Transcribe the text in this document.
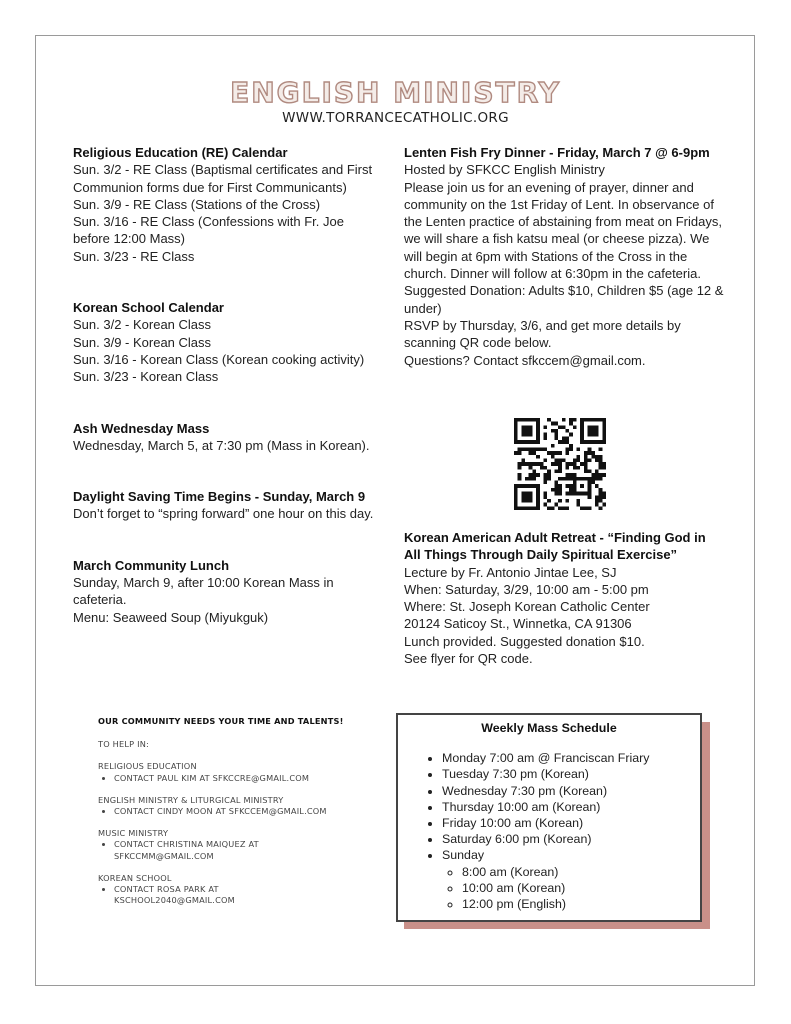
ENGLISH MINISTRY
WWW.TORRANCECATHOLIC.ORG
Religious Education (RE) Calendar

Sun. 3/2 - RE Class (Baptismal certificates and First Communion forms due for First Communicants)

Sun. 3/9 - RE Class (Stations of the Cross)

Sun. 3/16 - RE Class (Confessions with Fr. Joe before 12:00 Mass)

Sun. 3/23 - RE Class

Korean School Calendar

Sun. 3/2 - Korean Class

Sun. 3/9 - Korean Class

Sun. 3/16 - Korean Class (Korean cooking activity)

Sun. 3/23 - Korean Class

Ash Wednesday Mass

Wednesday, March 5, at 7:30 pm (Mass in Korean).

Daylight Saving Time Begins - Sunday, March 9

Don’t forget to “spring forward” one hour on this day.

March Community Lunch

Sunday, March 9, after 10:00 Korean Mass in cafeteria.

Menu: Seaweed Soup (Miyukguk)

Lenten Fish Fry Dinner - Friday, March 7 @ 6-9pm

Hosted by SFKCC English Ministry

Please join us for an evening of prayer, dinner and community on the 1st Friday of Lent. In observance of the Lenten practice of abstaining from meat on Fridays, we will share a fish katsu meal (or cheese pizza). We will begin at 6pm with Stations of the Cross in the church. Dinner will follow at 6:30pm in the cafeteria.

Suggested Donation: Adults $10, Children $5 (age 12 & under)

RSVP by Thursday, 3/6, and get more details by scanning QR code below.

Questions? Contact sfkccem@gmail.com.

Korean American Adult Retreat - “Finding God in All Things Through Daily Spiritual Exercise”

Lecture by Fr. Antonio Jintae Lee, SJ

When: Saturday, 3/29, 10:00 am - 5:00 pm

Where: St. Joseph Korean Catholic Center

20124 Saticoy St., Winnetka, CA 91306

Lunch provided. Suggested donation $10.

See flyer for QR code.

OUR COMMUNITY NEEDS YOUR TIME AND TALENTS!
TO HELP IN:
RELIGIOUS EDUCATION
• CONTACT PAUL KIM AT SFKCCRE@GMAIL.COM
ENGLISH MINISTRY & LITURGICAL MINISTRY
• CONTACT CINDY MOON AT SFKCCEM@GMAIL.COM
MUSIC MINISTRY
• CONTACT CHRISTINA MAIQUEZ AT SFKCCMM@GMAIL.COM
KOREAN SCHOOL
• CONTACT ROSA PARK AT KSCHOOL2040@GMAIL.COM
Weekly Mass Schedule
• Monday 7:00 am @ Franciscan Friary
• Tuesday 7:30 pm (Korean)
• Wednesday 7:30 pm (Korean)
• Thursday 10:00 am (Korean)
• Friday 10:00 am (Korean)
• Saturday 6:00 pm (Korean)
• Sunday
◦ 8:00 am (Korean)
◦ 10:00 am (Korean)
◦ 12:00 pm (English)
